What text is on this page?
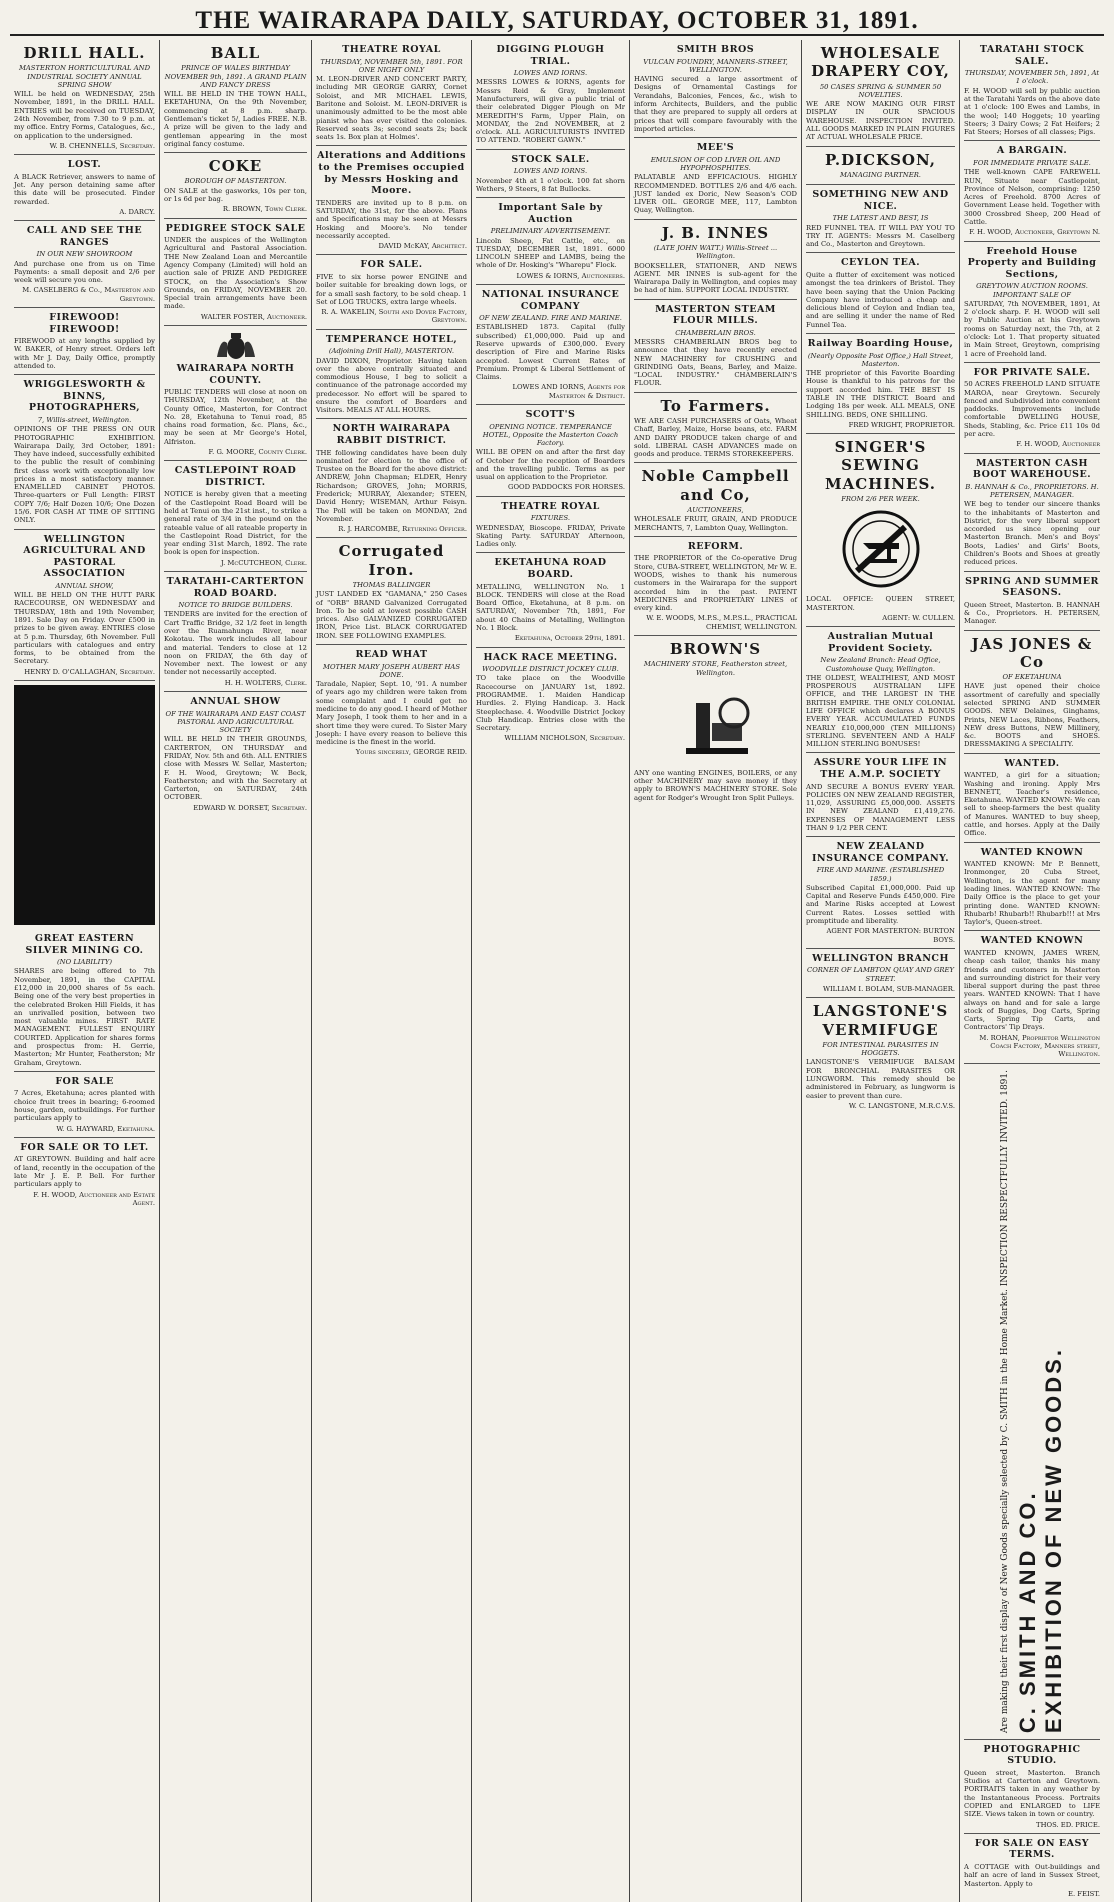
THE WAIRARAPA DAILY, SATURDAY, OCTOBER 31, 1891.
DRILL HALL.
MASTERTON HORTICULTURAL AND INDUSTRIAL SOCIETY ANNUAL SPRING SHOW
WILL be held on WEDNESDAY, 25th November, 1891, in the DRILL HALL. ENTRIES will be received on TUESDAY, 24th November, from 7.30 to 9 p.m. at my office. Entry Forms, Catalogues, &c., on application to the undersigned.
W. B. CHENNELLS, Secretary.
LOST.
A BLACK Retriever, answers to name of Jet. Any person detaining same after this date will be prosecuted. Finder rewarded.
A. DARCY.
CALL AND SEE THE RANGES
IN OUR NEW SHOWROOM
And purchase one from us on Time Payments: a small deposit and 2/6 per week will secure you one.
M. CASELBERG & Co., Masterton and Greytown.
FIREWOOD! FIREWOOD!
FIREWOOD at any lengths supplied by W. BAKER, of Henry street. Orders left with Mr J. Day, Daily Office, promptly attended to.
WRIGGLESWORTH & BINNS, PHOTOGRAPHERS,
7, Willis-street, Wellington.
OPINIONS OF THE PRESS ON OUR PHOTOGRAPHIC EXHIBITION. Wairarapa Daily, 3rd October, 1891: They have indeed, successfully exhibited to the public the result of combining first class work with exceptionally low prices in a most satisfactory manner. ENAMELLED CABINET PHOTOS. Three-quarters or Full Length: FIRST COPY 7/6; Half Dozen 10/6; One Dozen 15/6. FOR CASH AT TIME OF SITTING ONLY.
WELLINGTON AGRICULTURAL AND PASTORAL ASSOCIATION
ANNUAL SHOW,
WILL BE HELD ON THE HUTT PARK RACECOURSE, ON WEDNESDAY and THURSDAY, 18th and 19th November, 1891. Sale Day on Friday. Over £500 in prizes to be given away. ENTRIES close at 5 p.m. Thursday, 6th November. Full particulars with catalogues and entry forms, to be obtained from the Secretary.
HENRY D. O'CALLAGHAN, Secretary.
GREAT EASTERN SILVER MINING CO.
(NO LIABILITY)
SHARES are being offered to 7th November, 1891, in the CAPITAL £12,000 in 20,000 shares of 5s each. Being one of the very best properties in the celebrated Broken Hill Fields, it has an unrivalled position, between two most valuable mines. FIRST RATE MANAGEMENT. FULLEST ENQUIRY COURTED. Application for shares forms and prospectus from: H. Gerrie, Masterton; Mr Hunter, Featherston; Mr Graham, Greytown.
FOR SALE
7 Acres, Eketahuna; acres planted with choice fruit trees in bearing; 6-roomed house, garden, outbuildings. For further particulars apply to
W. G. HAYWARD, Eketahuna.
FOR SALE OR TO LET.
AT GREYTOWN. Building and half acre of land, recently in the occupation of the late Mr J. E. P. Bell. For further particulars apply to
F. H. WOOD, Auctioneer and Estate Agent.
BALL
PRINCE OF WALES BIRTHDAY NOVEMBER 9th, 1891. A GRAND PLAIN AND FANCY DRESS
WILL BE HELD IN THE TOWN HALL, EKETAHUNA, On the 9th November, commencing at 8 p.m. sharp. Gentleman's ticket 5/, Ladies FREE. N.B. A prize will be given to the lady and gentleman appearing in the most original fancy costume.
COKE
BOROUGH OF MASTERTON.
ON SALE at the gasworks, 10s per ton, or 1s 6d per bag.
R. BROWN, Town Clerk.
PEDIGREE STOCK SALE
UNDER the auspices of the Wellington Agricultural and Pastoral Association. THE New Zealand Loan and Mercantile Agency Company (Limited) will hold an auction sale of PRIZE AND PEDIGREE STOCK, on the Association's Show Grounds, on FRIDAY, NOVEMBER 20. Special train arrangements have been made.
WALTER FOSTER, Auctioneer.
WAIRARAPA NORTH COUNTY.
PUBLIC TENDERS will close at noon on THURSDAY, 12th November, at the County Office, Masterton, for Contract No. 28, Eketahuna to Tenui road, 85 chains road formation, &c. Plans, &c., may be seen at Mr George's Hotel, Alfriston.
F. G. MOORE, County Clerk.
CASTLEPOINT ROAD DISTRICT.
NOTICE is hereby given that a meeting of the Castlepoint Road Board will be held at Tenui on the 21st inst., to strike a general rate of 3/4 in the pound on the rateable value of all rateable property in the Castlepoint Road District, for the year ending 31st March, 1892. The rate book is open for inspection.
J. McCUTCHEON, Clerk.
TARATAHI-CARTERTON ROAD BOARD.
NOTICE TO BRIDGE BUILDERS.
TENDERS are invited for the erection of Cart Traffic Bridge, 32 1/2 feet in length over the Ruamahunga River, near Kokotau. The work includes all labour and material. Tenders to close at 12 noon on FRIDAY, the 6th day of November next. The lowest or any tender not necessarily accepted.
H. H. WOLTERS, Clerk.
ANNUAL SHOW
OF THE WAIRARAPA AND EAST COAST PASTORAL AND AGRICULTURAL SOCIETY
WILL BE HELD IN THEIR GROUNDS, CARTERTON, ON THURSDAY and FRIDAY, Nov. 5th and 6th. ALL ENTRIES close with Messrs W. Sellar, Masterton; F. H. Wood, Greytown; W. Beck, Featherston; and with the Secretary at Carterton, on SATURDAY, 24th OCTOBER.
EDWARD W. DORSET, Secretary.
THEATRE ROYAL
THURSDAY, NOVEMBER 5th, 1891. FOR ONE NIGHT ONLY
M. LEON-DRIVER AND CONCERT PARTY, including MR GEORGE GARRY, Cornet Soloist, and MR MICHAEL LEWIS, Baritone and Soloist. M. LEON-DRIVER is unanimously admitted to be the most able pianist who has ever visited the colonies. Reserved seats 3s; second seats 2s; back seats 1s. Box plan at Holmes'.
Alterations and Additions to the Premises occupied by Messrs Hosking and Moore.
TENDERS are invited up to 8 p.m. on SATURDAY, the 31st, for the above. Plans and Specifications may be seen at Messrs Hosking and Moore's. No tender necessarily accepted.
DAVID McKAY, Architect.
FOR SALE.
FIVE to six horse power ENGINE and boiler suitable for breaking down logs, or for a small sash factory, to be sold cheap. 1 Set of LOG TRUCKS, extra large wheels.
R. A. WAKELIN, South and Dover Factory, Greytown.
TEMPERANCE HOTEL,
(Adjoining Drill Hall), MASTERTON.
DAVID DIXON, Proprietor. Having taken over the above centrally situated and commodious House, I beg to solicit a continuance of the patronage accorded my predecessor. No effort will be spared to ensure the comfort of Boarders and Visitors. MEALS AT ALL HOURS.
NORTH WAIRARAPA RABBIT DISTRICT.
THE following candidates have been duly nominated for election to the office of Trustee on the Board for the above district: ANDREW, John Chapman; ELDER, Henry Richardson; GROVES, John; MORRIS, Frederick; MURRAY, Alexander; STEEN, David Henry; WISEMAN, Arthur Feisyn. The Poll will be taken on MONDAY, 2nd November.
R. J. HARCOMBE, Returning Officer.
Corrugated Iron.
THOMAS BALLINGER
JUST LANDED EX "GAMANA," 250 Cases of "ORB" BRAND Galvanized Corrugated Iron. To be sold at lowest possible CASH prices. Also GALVANIZED CORRUGATED IRON, Price List. BLACK CORRUGATED IRON. SEE FOLLOWING EXAMPLES.
READ WHAT
MOTHER MARY JOSEPH AUBERT HAS DONE.
Taradale, Napier, Sept. 10, '91. A number of years ago my children were taken from some complaint and I could get no medicine to do any good. I heard of Mother Mary Joseph, I took them to her and in a short time they were cured. To Sister Mary Joseph: I have every reason to believe this medicine is the finest in the world.
Yours sincerely, GEORGE REID.
DIGGING PLOUGH TRIAL.
LOWES AND IORNS.
MESSRS LOWES & IORNS, agents for Messrs Reid & Gray, Implement Manufacturers, will give a public trial of their celebrated Digger Plough on Mr MEREDITH'S Farm, Upper Plain, on MONDAY, the 2nd NOVEMBER, at 2 o'clock. ALL AGRICULTURISTS INVITED TO ATTEND. "ROBERT GAWN."
STOCK SALE.
LOWES AND IORNS.
November 4th at 1 o'clock. 100 fat shorn Wethers, 9 Steers, 8 fat Bullocks.
Important Sale by Auction
PRELIMINARY ADVERTISEMENT.
Lincoln Sheep, Fat Cattle, etc., on TUESDAY, DECEMBER 1st, 1891. 6000 LINCOLN SHEEP and LAMBS, being the whole of Dr. Hosking's "Wharepu" Flock.
LOWES & IORNS, Auctioneers.
NATIONAL INSURANCE COMPANY
OF NEW ZEALAND. FIRE AND MARINE.
ESTABLISHED 1873. Capital (fully subscribed) £1,000,000. Paid up and Reserve upwards of £300,000. Every description of Fire and Marine Risks accepted. Lowest Current Rates of Premium. Prompt & Liberal Settlement of Claims.
LOWES AND IORNS, Agents for Masterton & District.
SCOTT'S
OPENING NOTICE. TEMPERANCE HOTEL, Opposite the Masterton Coach Factory.
WILL BE OPEN on and after the first day of October for the reception of Boarders and the travelling public. Terms as per usual on application to the Proprietor.
GOOD PADDOCKS FOR HORSES.
THEATRE ROYAL
FIXTURES.
WEDNESDAY, Bioscope. FRIDAY, Private Skating Party. SATURDAY Afternoon, Ladies only.
EKETAHUNA ROAD BOARD.
METALLING, WELLINGTON No. 1 BLOCK. TENDERS will close at the Road Board Office, Eketahuna, at 8 p.m. on SATURDAY, November 7th, 1891, For about 40 Chains of Metalling, Wellington No. 1 Block.
Eketahuna, October 29th, 1891.
HACK RACE MEETING.
WOODVILLE DISTRICT JOCKEY CLUB.
TO take place on the Woodville Racecourse on JANUARY 1st, 1892. PROGRAMME. 1. Maiden Handicap Hurdles. 2. Flying Handicap. 3. Hack Steeplechase. 4. Woodville District Jockey Club Handicap. Entries close with the Secretary.
WILLIAM NICHOLSON, Secretary.
SMITH BROS
VULCAN FOUNDRY, MANNERS-STREET, WELLINGTON.
HAVING secured a large assortment of Designs of Ornamental Castings for Verandahs, Balconies, Fences, &c., wish to inform Architects, Builders, and the public that they are prepared to supply all orders at prices that will compare favourably with the imported articles.
MEE'S
EMULSION OF COD LIVER OIL AND HYPOPHOSPHITES.
PALATABLE AND EFFICACIOUS. HIGHLY RECOMMENDED. BOTTLES 2/6 and 4/6 each. JUST landed ex Doric, New Season's COD LIVER OIL. GEORGE MEE, 117, Lambton Quay, Wellington.
J. B. INNES
(LATE JOHN WATT.) Willis-Street ... Wellington.
BOOKSELLER, STATIONER, AND NEWS AGENT. MR INNES is sub-agent for the Wairarapa Daily in Wellington, and copies may be had of him. SUPPORT LOCAL INDUSTRY.
MASTERTON STEAM FLOUR MILLS.
CHAMBERLAIN BROS.
MESSRS CHAMBERLAIN BROS beg to announce that they have recently erected NEW MACHINERY for CRUSHING and GRINDING Oats, Beans, Barley, and Maize. "LOCAL INDUSTRY." CHAMBERLAIN'S FLOUR.
To Farmers.
WE ARE CASH PURCHASERS of Oats, Wheat Chaff, Barley, Maize, Horse beans, etc. FARM AND DAIRY PRODUCE taken charge of and sold. LIBERAL CASH ADVANCES made on goods and produce. TERMS STOREKEEPERS.
Noble Campbell and Co,
AUCTIONEERS,
WHOLESALE FRUIT, GRAIN, AND PRODUCE MERCHANTS, 7, Lambton Quay, Wellington.
REFORM.
THE PROPRIETOR of the Co-operative Drug Store, CUBA-STREET, WELLINGTON, Mr W. E. WOODS, wishes to thank his numerous customers in the Wairarapa for the support accorded him in the past. PATENT MEDICINES and PROPRIETARY LINES of every kind.
W. E. WOODS, M.P.S., M.P.S.L., PRACTICAL CHEMIST, WELLINGTON.
BROWN'S
MACHINERY STORE, Featherston street, Wellington.
ANY one wanting ENGINES, BOILERS, or any other MACHINERY may save money if they apply to BROWN'S MACHINERY STORE. Sole agent for Rodger's Wrought Iron Split Pulleys.
WHOLESALE DRAPERY COY,
50 CASES SPRING & SUMMER 50 NOVELTIES.
WE ARE NOW MAKING OUR FIRST DISPLAY IN OUR SPACIOUS WAREHOUSE. INSPECTION INVITED. ALL GOODS MARKED IN PLAIN FIGURES AT ACTUAL WHOLESALE PRICE.
P.DICKSON,
MANAGING PARTNER.
SOMETHING NEW AND NICE.
THE LATEST AND BEST, IS
RED FUNNEL TEA. IT WILL PAY YOU TO TRY IT. AGENTS: Messrs M. Caselberg and Co., Masterton and Greytown.
CEYLON TEA.
Quite a flutter of excitement was noticed amongst the tea drinkers of Bristol. They have been saying that the Union Packing Company have introduced a cheap and delicious blend of Ceylon and Indian tea, and are selling it under the name of Red Funnel Tea.
Railway Boarding House,
(Nearly Opposite Post Office,) Hall Street, Masterton.
THE proprietor of this Favorite Boarding House is thankful to his patrons for the support accorded him. THE BEST IS TABLE IN THE DISTRICT. Board and Lodging 18s per week. ALL MEALS, ONE SHILLING. BEDS, ONE SHILLING.
FRED WRIGHT, PROPRIETOR.
SINGER'S SEWING MACHINES.
FROM 2/6 PER WEEK.
LOCAL OFFICE: QUEEN STREET, MASTERTON.
AGENT: W. CULLEN.
Australian Mutual Provident Society.
New Zealand Branch: Head Office, Customhouse Quay, Wellington.
THE OLDEST, WEALTHIEST, AND MOST PROSPEROUS AUSTRALIAN LIFE OFFICE, and THE LARGEST IN THE BRITISH EMPIRE. THE ONLY COLONIAL LIFE OFFICE which declares A BONUS EVERY YEAR. ACCUMULATED FUNDS NEARLY £10,000,000 (TEN MILLIONS) STERLING. SEVENTEEN AND A HALF MILLION STERLING BONUSES!
ASSURE YOUR LIFE IN THE A.M.P. SOCIETY
AND SECURE A BONUS EVERY YEAR. POLICIES ON NEW ZEALAND REGISTER, 11,029, ASSURING £5,000,000. ASSETS IN NEW ZEALAND £1,419,276. EXPENSES OF MANAGEMENT LESS THAN 9 1/2 PER CENT.
NEW ZEALAND INSURANCE COMPANY.
FIRE AND MARINE. (ESTABLISHED 1859.)
Subscribed Capital £1,000,000. Paid up Capital and Reserve Funds £450,000. Fire and Marine Risks accepted at Lowest Current Rates. Losses settled with promptitude and liberality.
AGENT FOR MASTERTON: BURTON BOYS.
WELLINGTON BRANCH
CORNER OF LAMBTON QUAY AND GREY STREET.
WILLIAM I. BOLAM, SUB-MANAGER.
LANGSTONE'S VERMIFUGE
FOR INTESTINAL PARASITES IN HOGGETS.
LANGSTONE'S VERMIFUGE BALSAM FOR BRONCHIAL PARASITES OR LUNGWORM. This remedy should be administered in February, as lungworm is easier to prevent than cure.
W. C. LANGSTONE, M.R.C.V.S.
TARATAHI STOCK SALE.
THURSDAY, NOVEMBER 5th, 1891, At 1 o'clock.
F. H. WOOD will sell by public auction at the Taratahi Yards on the above date at 1 o'clock: 100 Ewes and Lambs, in the wool; 140 Hoggets; 10 yearling Steers; 3 Dairy Cows; 2 Fat Heifers; 2 Fat Steers; Horses of all classes; Pigs.
A BARGAIN.
FOR IMMEDIATE PRIVATE SALE.
THE well-known CAPE FAREWELL RUN, Situate near Castlepoint, Province of Nelson, comprising: 1250 Acres of Freehold. 8700 Acres of Government Lease held. Together with 3000 Crossbred Sheep, 200 Head of Cattle.
F. H. WOOD, Auctioneer, Greytown N.
Freehold House Property and Building Sections,
GREYTOWN AUCTION ROOMS. IMPORTANT SALE OF
SATURDAY, 7th NOVEMBER, 1891, At 2 o'clock sharp. F. H. WOOD will sell by Public Auction at his Greytown rooms on Saturday next, the 7th, at 2 o'clock: Lot 1. That property situated in Main Street, Greytown, comprising 1 acre of Freehold land.
FOR PRIVATE SALE.
50 ACRES FREEHOLD LAND SITUATE MAROA, near Greytown. Securely fenced and Subdivided into convenient paddocks. Improvements include comfortable DWELLING HOUSE, Sheds, Stabling, &c. Price £11 10s 0d per acre.
F. H. WOOD, Auctioneer
MASTERTON CASH BOOT WAREHOUSE.
B. HANNAH & Co., PROPRIETORS. H. PETERSEN, MANAGER.
WE beg to tender our sincere thanks to the inhabitants of Masterton and District, for the very liberal support accorded us since opening our Masterton Branch. Men's and Boys' Boots, Ladies' and Girls' Boots, Children's Boots and Shoes at greatly reduced prices.
SPRING AND SUMMER SEASONS.
Queen Street, Masterton. B. HANNAH & Co., Proprietors. H. PETERSEN, Manager.
JAS JONES & Co
OF EKETAHUNA
HAVE just opened their choice assortment of carefully and specially selected SPRING AND SUMMER GOODS. NEW Delaines, Ginghams, Prints, NEW Laces, Ribbons, Feathers, NEW dress Buttons, NEW Millinery, &c. BOOTS and SHOES. DRESSMAKING A SPECIALITY.
WANTED.
WANTED, a girl for a situation; Washing and ironing. Apply Mrs BENNETT, Teacher's residence, Eketahuna. WANTED KNOWN: We can sell to sheep-farmers the best quality of Manures. WANTED to buy sheep, cattle, and horses. Apply at the Daily Office.
WANTED KNOWN
WANTED KNOWN: Mr P. Bennett, Ironmonger, 20 Cuba Street, Wellington, is the agent for many leading lines. WANTED KNOWN: The Daily Office is the place to get your printing done. WANTED KNOWN: Rhubarb! Rhubarb!! Rhubarb!!! at Mrs Taylor's, Queen-street.
WANTED KNOWN
WANTED KNOWN, JAMES WREN, cheap cash tailor, thanks his many friends and customers in Masterton and surrounding district for their very liberal support during the past three years. WANTED KNOWN: That I have always on hand and for sale a large stock of Buggies, Dog Carts, Spring Carts, Spring Tip Carts, and Contractors' Tip Drays.
M. ROHAN, Proprietor Wellington Coach Factory, Manners street, Wellington.
Are making their first display of New Goods specially selected by C. SMITH in the Home Market. INSPECTION RESPECTFULLY INVITED. 1891. C. SMITH AND CO. EXHIBITION OF NEW GOODS.
PHOTOGRAPHIC STUDIO.
Queen street, Masterton. Branch Studios at Carterton and Greytown. PORTRAITS taken in any weather by the Instantaneous Process. Portraits COPIED and ENLARGED to LIFE SIZE. Views taken in town or country.
THOS. ED. PRICE.
FOR SALE ON EASY TERMS.
A COTTAGE with Out-buildings and half an acre of land in Sussex Street, Masterton. Apply to
E. FEIST.
